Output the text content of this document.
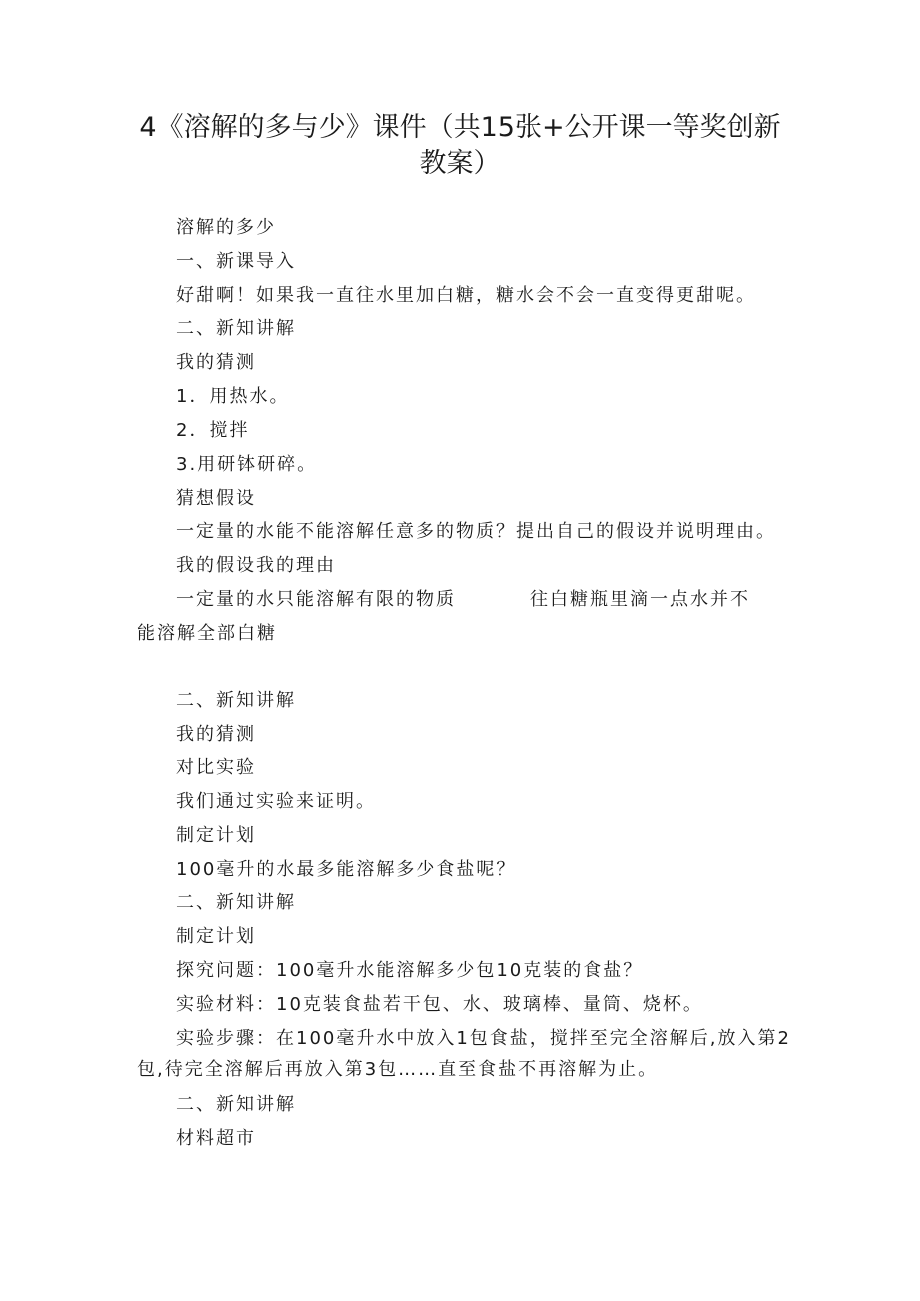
4《溶解的多与少》课件（共15张+公开课一等奖创新
教案）

溶解的多少

一、新课导入

好甜啊！如果我一直往水里加白糖，糖水会不会一直变得更甜呢。

二、新知讲解

我的猜测

1．用热水。

2．搅拌

3.用研钵研碎。

猜想假设

一定量的水能不能溶解任意多的物质？提出自己的假设并说明理由。

我的假设我的理由

一定量的水只能溶解有限的物质	往白糖瓶里滴一点水并不

能溶解全部白糖

二、新知讲解

我的猜测

对比实验

我们通过实验来证明。

制定计划

100毫升的水最多能溶解多少食盐呢？

二、新知讲解

制定计划

探究问题：100毫升水能溶解多少包10克装的食盐？

实验材料：10克装食盐若干包、水、玻璃棒、量筒、烧杯。

实验步骤：在100毫升水中放入1包食盐，搅拌至完全溶解后,放入第2

包,待完全溶解后再放入第3包……直至食盐不再溶解为止。

二、新知讲解

材料超市
